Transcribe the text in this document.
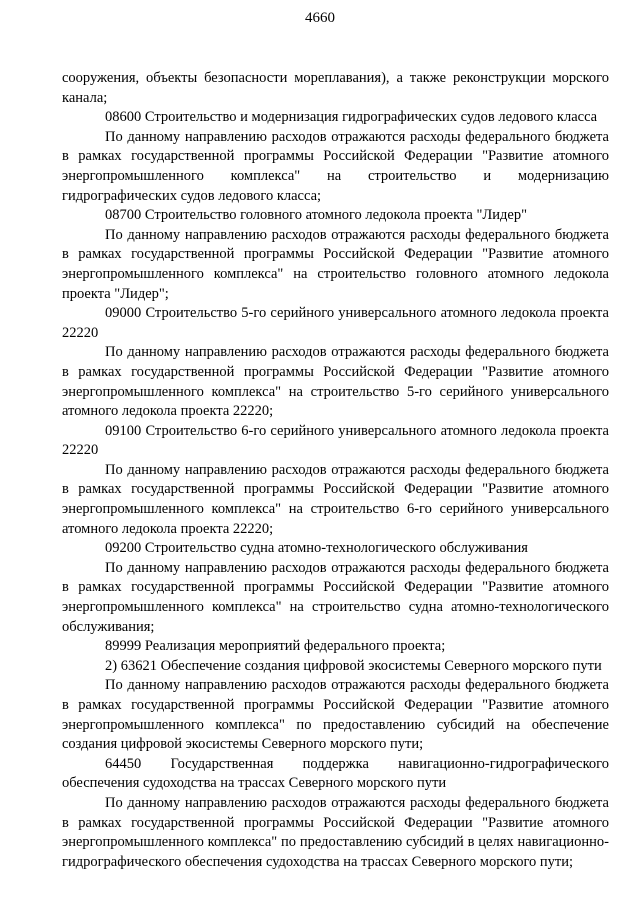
4660

сооружения, объекты безопасности мореплавания), а также реконструкции морского канала;

08600 Строительство и модернизация гидрографических судов ледового класса

По данному направлению расходов отражаются расходы федерального бюджета в рамках государственной программы Российской Федерации "Развитие атомного энергопромышленного комплекса" на строительство и модернизацию гидрографических судов ледового класса;

08700 Строительство головного атомного ледокола проекта "Лидер"

По данному направлению расходов отражаются расходы федерального бюджета в рамках государственной программы Российской Федерации "Развитие атомного энергопромышленного комплекса" на строительство головного атомного ледокола проекта "Лидер";

09000 Строительство 5-го серийного универсального атомного ледокола проекта 22220

По данному направлению расходов отражаются расходы федерального бюджета в рамках государственной программы Российской Федерации "Развитие атомного энергопромышленного комплекса" на строительство 5-го серийного универсального атомного ледокола проекта 22220;

09100 Строительство 6-го серийного универсального атомного ледокола проекта 22220

По данному направлению расходов отражаются расходы федерального бюджета в рамках государственной программы Российской Федерации "Развитие атомного энергопромышленного комплекса" на строительство 6-го серийного универсального атомного ледокола проекта 22220;

09200 Строительство судна атомно-технологического обслуживания

По данному направлению расходов отражаются расходы федерального бюджета в рамках государственной программы Российской Федерации "Развитие атомного энергопромышленного комплекса" на строительство судна атомно-технологического обслуживания;

89999 Реализация мероприятий федерального проекта;

2) 63621 Обеспечение создания цифровой экосистемы Северного морского пути

По данному направлению расходов отражаются расходы федерального бюджета в рамках государственной программы Российской Федерации "Развитие атомного энергопромышленного комплекса" по предоставлению субсидий на обеспечение создания цифровой экосистемы Северного морского пути;

64450 Государственная поддержка навигационно-гидрографического обеспечения судоходства на трассах Северного морского пути

По данному направлению расходов отражаются расходы федерального бюджета в рамках государственной программы Российской Федерации "Развитие атомного энергопромышленного комплекса" по предоставлению субсидий в целях навигационно-гидрографического обеспечения судоходства на трассах Северного морского пути;
